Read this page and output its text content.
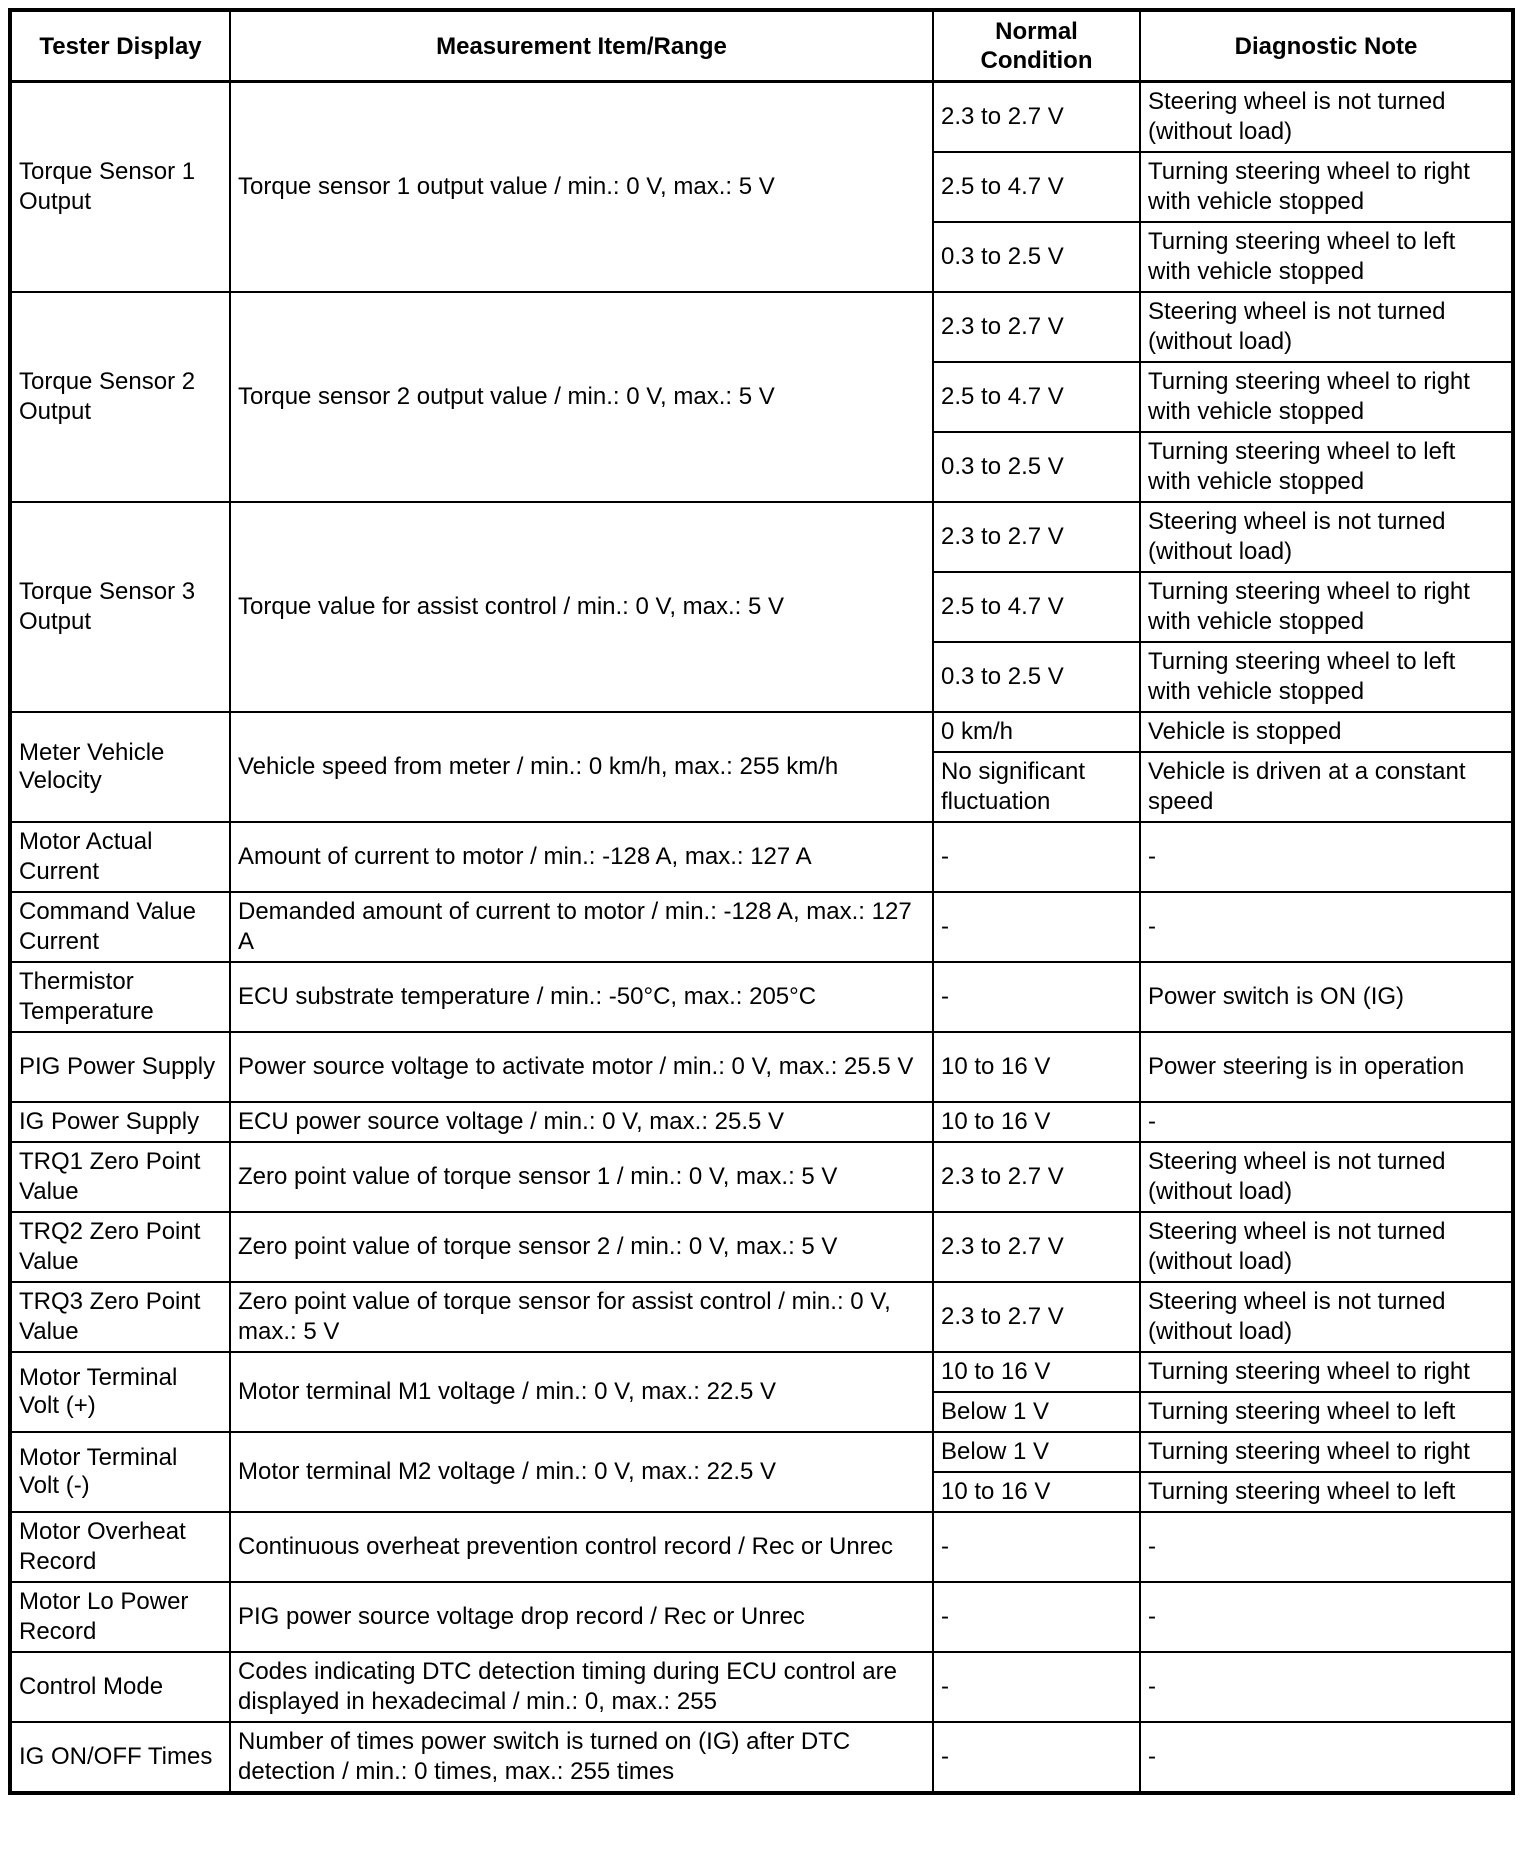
Tester Display	Measurement Item/Range	Normal Condition	Diagnostic Note
Torque Sensor 1 Output	Torque sensor 1 output value / min.: 0 V, max.: 5 V	2.3 to 2.7 V	Steering wheel is not turned (without load)
		2.5 to 4.7 V	Turning steering wheel to right with vehicle stopped
		0.3 to 2.5 V	Turning steering wheel to left with vehicle stopped
Torque Sensor 2 Output	Torque sensor 2 output value / min.: 0 V, max.: 5 V	2.3 to 2.7 V	Steering wheel is not turned (without load)
		2.5 to 4.7 V	Turning steering wheel to right with vehicle stopped
		0.3 to 2.5 V	Turning steering wheel to left with vehicle stopped
Torque Sensor 3 Output	Torque value for assist control / min.: 0 V, max.: 5 V	2.3 to 2.7 V	Steering wheel is not turned (without load)
		2.5 to 4.7 V	Turning steering wheel to right with vehicle stopped
		0.3 to 2.5 V	Turning steering wheel to left with vehicle stopped
Meter Vehicle Velocity	Vehicle speed from meter / min.: 0 km/h, max.: 255 km/h	0 km/h	Vehicle is stopped
		No significant fluctuation	Vehicle is driven at a constant speed
Motor Actual Current	Amount of current to motor / min.: -128 A, max.: 127 A	-	-
Command Value Current	Demanded amount of current to motor / min.: -128 A, max.: 127 A	-	-
Thermistor Temperature	ECU substrate temperature / min.: -50°C, max.: 205°C	-	Power switch is ON (IG)
PIG Power Supply	Power source voltage to activate motor / min.: 0 V, max.: 25.5 V	10 to 16 V	Power steering is in operation
IG Power Supply	ECU power source voltage / min.: 0 V, max.: 25.5 V	10 to 16 V	-
TRQ1 Zero Point Value	Zero point value of torque sensor 1 / min.: 0 V, max.: 5 V	2.3 to 2.7 V	Steering wheel is not turned (without load)
TRQ2 Zero Point Value	Zero point value of torque sensor 2 / min.: 0 V, max.: 5 V	2.3 to 2.7 V	Steering wheel is not turned (without load)
TRQ3 Zero Point Value	Zero point value of torque sensor for assist control / min.: 0 V, max.: 5 V	2.3 to 2.7 V	Steering wheel is not turned (without load)
Motor Terminal Volt (+)	Motor terminal M1 voltage / min.: 0 V, max.: 22.5 V	10 to 16 V	Turning steering wheel to right
		Below 1 V	Turning steering wheel to left
Motor Terminal Volt (-)	Motor terminal M2 voltage / min.: 0 V, max.: 22.5 V	Below 1 V	Turning steering wheel to right
		10 to 16 V	Turning steering wheel to left
Motor Overheat Record	Continuous overheat prevention control record / Rec or Unrec	-	-
Motor Lo Power Record	PIG power source voltage drop record / Rec or Unrec	-	-
Control Mode	Codes indicating DTC detection timing during ECU control are displayed in hexadecimal / min.: 0, max.: 255	-	-
IG ON/OFF Times	Number of times power switch is turned on (IG) after DTC detection / min.: 0 times, max.: 255 times	-	-
